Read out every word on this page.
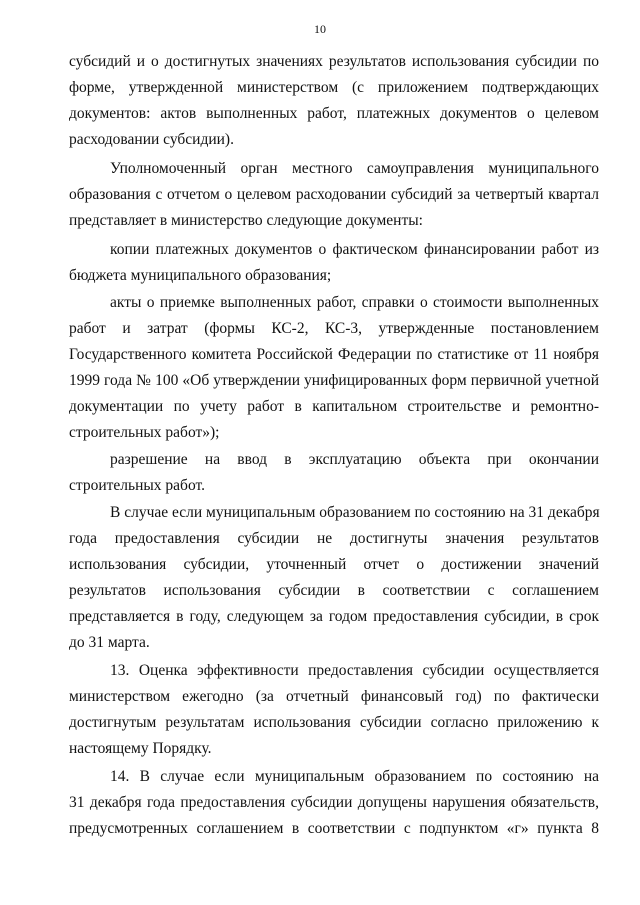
10
субсидий и о достигнутых значениях результатов использования субсидии по
форме, утвержденной министерством (с приложением подтверждающих
документов: актов выполненных работ, платежных документов о целевом
расходовании субсидии).
Уполномоченный орган местного самоуправления муниципального
образования с отчетом о целевом расходовании субсидий за четвертый квартал
представляет в министерство следующие документы:
копии платежных документов о фактическом финансировании работ из
бюджета муниципального образования;
акты о приемке выполненных работ, справки о стоимости выполненных
работ и затрат (формы КС-2, КС-3, утвержденные постановлением
Государственного комитета Российской Федерации по статистике от 11 ноября
1999 года № 100 «Об утверждении унифицированных форм первичной учетной
документации по учету работ в капитальном строительстве и ремонтно-
строительных работ»);
разрешение на ввод в эксплуатацию объекта при окончании
строительных работ.
В случае если муниципальным образованием по состоянию на 31 декабря
года предоставления субсидии не достигнуты значения результатов
использования субсидии, уточненный отчет о достижении значений
результатов использования субсидии в соответствии с соглашением
представляется в году, следующем за годом предоставления субсидии, в срок
до 31 марта.
13. Оценка эффективности предоставления субсидии осуществляется
министерством ежегодно (за отчетный финансовый год) по фактически
достигнутым результатам использования субсидии согласно приложению к
настоящему Порядку.
14. В случае если муниципальным образованием по состоянию на
31 декабря года предоставления субсидии допущены нарушения обязательств,
предусмотренных соглашением в соответствии с подпунктом «г» пункта 8
